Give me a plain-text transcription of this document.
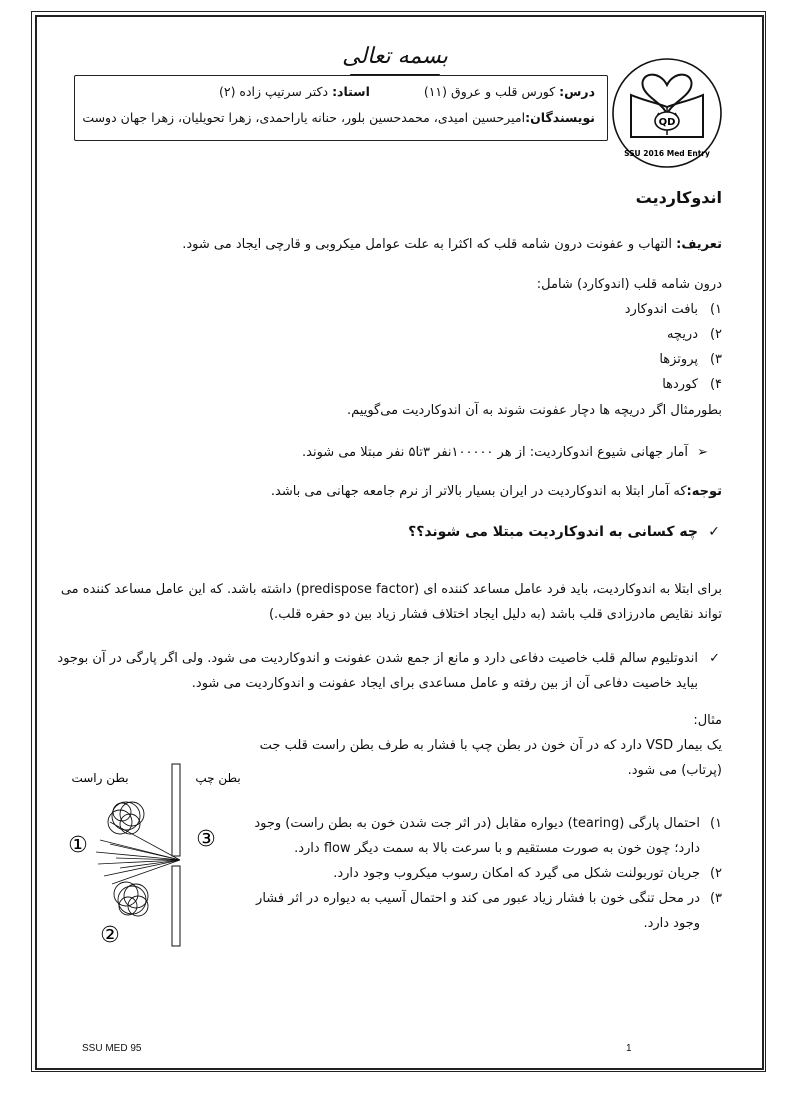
بسمه تعالی
درس: کورس قلب و عروق (۱۱)  استاد: دکتر سرتیپ زاده (۲)
نویسندگان:امیرحسین امیدی، محمدحسین بلور، حنانه یاراحمدی، زهرا تحویلیان، زهرا جهان دوست	QD
SSU 2016 Med Entry
اندوکاردیت
تعریف: التهاب و عفونت درون شامه قلب که اکثرا به علت عوامل میکروبی و قارچی ایجاد می شود.
درون شامه قلب (اندوکارد) شامل:
۱)بافت اندوکارد
۲)دریچه
۳)پروتزها
۴)کوردها
بطورمثال اگر دریچه ها دچار عفونت شوند به آن اندوکاردیت می‌گوییم.
➢آمار جهانی شیوع اندوکاردیت: از هر ۱۰۰۰۰۰نفر ۳تا۵ نفر مبتلا می شوند.
توجه:که آمار ابتلا به اندوکاردیت در ایران بسیار بالاتر از نرم جامعه جهانی می باشد.
✓چه کسانی به اندوکاردیت مبتلا می شوند؟؟
برای ابتلا به اندوکاردیت، باید فرد عامل مساعد کننده ای (predispose factor) داشته باشد. که این عامل مساعد کننده می
تواند نقایص مادرزادی قلب باشد (به دلیل ایجاد اختلاف فشار زیاد بین دو حفره قلب.)
✓اندوتلیوم سالم قلب خاصیت دفاعی دارد و مانع از جمع شدن عفونت و اندوکاردیت می شود. ولی اگر پارگی در آن بوجود
بیاید خاصیت دفاعی آن از بین رفته و عامل مساعدی برای ایجاد عفونت و اندوکاردیت می شود.
مثال:
یک بیمار VSD دارد که در آن خون در بطن چپ با فشار به طرف بطن راست قلب جت
(پرتاب) می شود.
۱)احتمال پارگی (tearing) دیواره مقابل (در اثر جت شدن خون به بطن راست) وجود
دارد؛ چون خون به صورت مستقیم و با سرعت بالا به سمت دیگر flow دارد.
۲)جریان توربولنت شکل می گیرد که امکان رسوب میکروب وجود دارد.
۳)در محل تنگی خون با فشار زیاد عبور می کند و احتمال آسیب به دیواره در اثر فشار
وجود دارد.
بطن راست	بطن چپ
①
②
③
SSU MED 95	1
